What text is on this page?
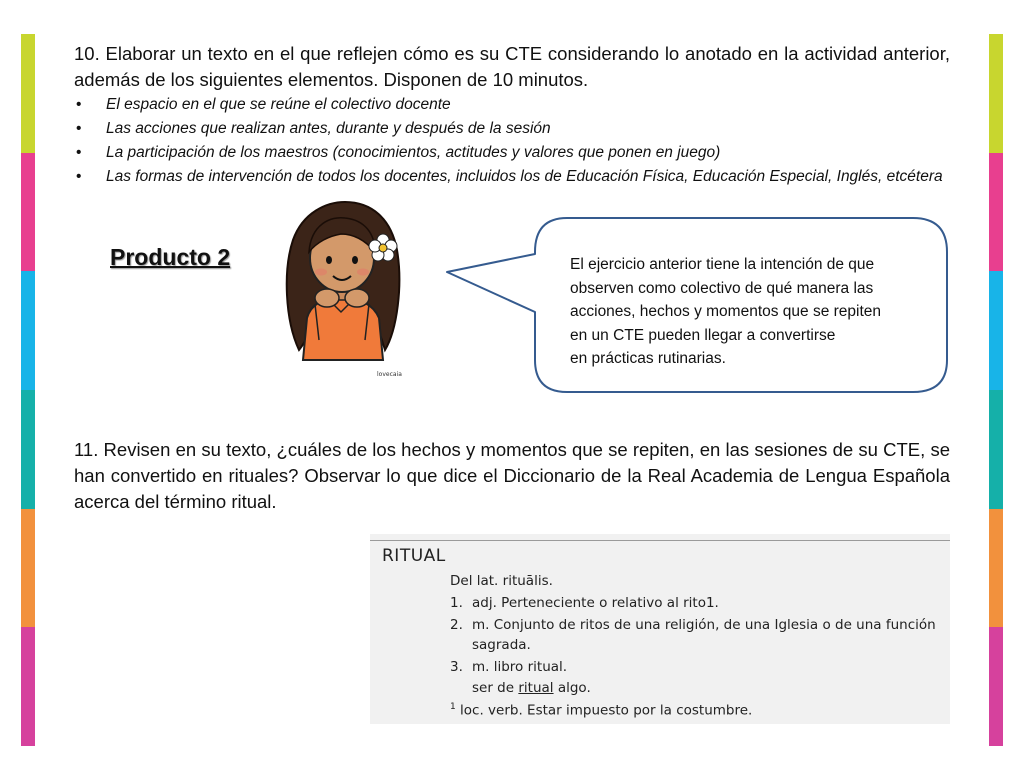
10. Elaborar un texto en el que reflejen cómo es su CTE considerando lo anotado en la actividad anterior, además de los siguientes elementos. Disponen de 10 minutos.

• El espacio en el que se reúne el colectivo docente
• Las acciones que realizan antes, durante y después de la sesión
• La participación de los maestros (conocimientos, actitudes y valores que ponen en juego)
• Las formas de intervención de todos los docentes, incluidos los de Educación Física, Educación Especial, Inglés, etcétera
Producto 2
lovecaia
El ejercicio anterior tiene la intención de que
observen como colectivo de qué manera las
acciones, hechos y momentos que se repiten
en un CTE pueden llegar a convertirse
en prácticas rutinarias.

11. Revisen en su texto, ¿cuáles de los hechos y momentos que se repiten, en las sesiones de su CTE, se han convertido en rituales? Observar lo que dice el Diccionario de la Real Academia de Lengua Española acerca del término ritual.

RITUAL
Del lat. rituālis.
1. adj. Perteneciente o relativo al rito1.
2. m. Conjunto de ritos de una religión, de una Iglesia o de una función sagrada.
3. m. libro ritual.
ser de ritual algo.
$^1$ loc. verb. Estar impuesto por la costumbre.
